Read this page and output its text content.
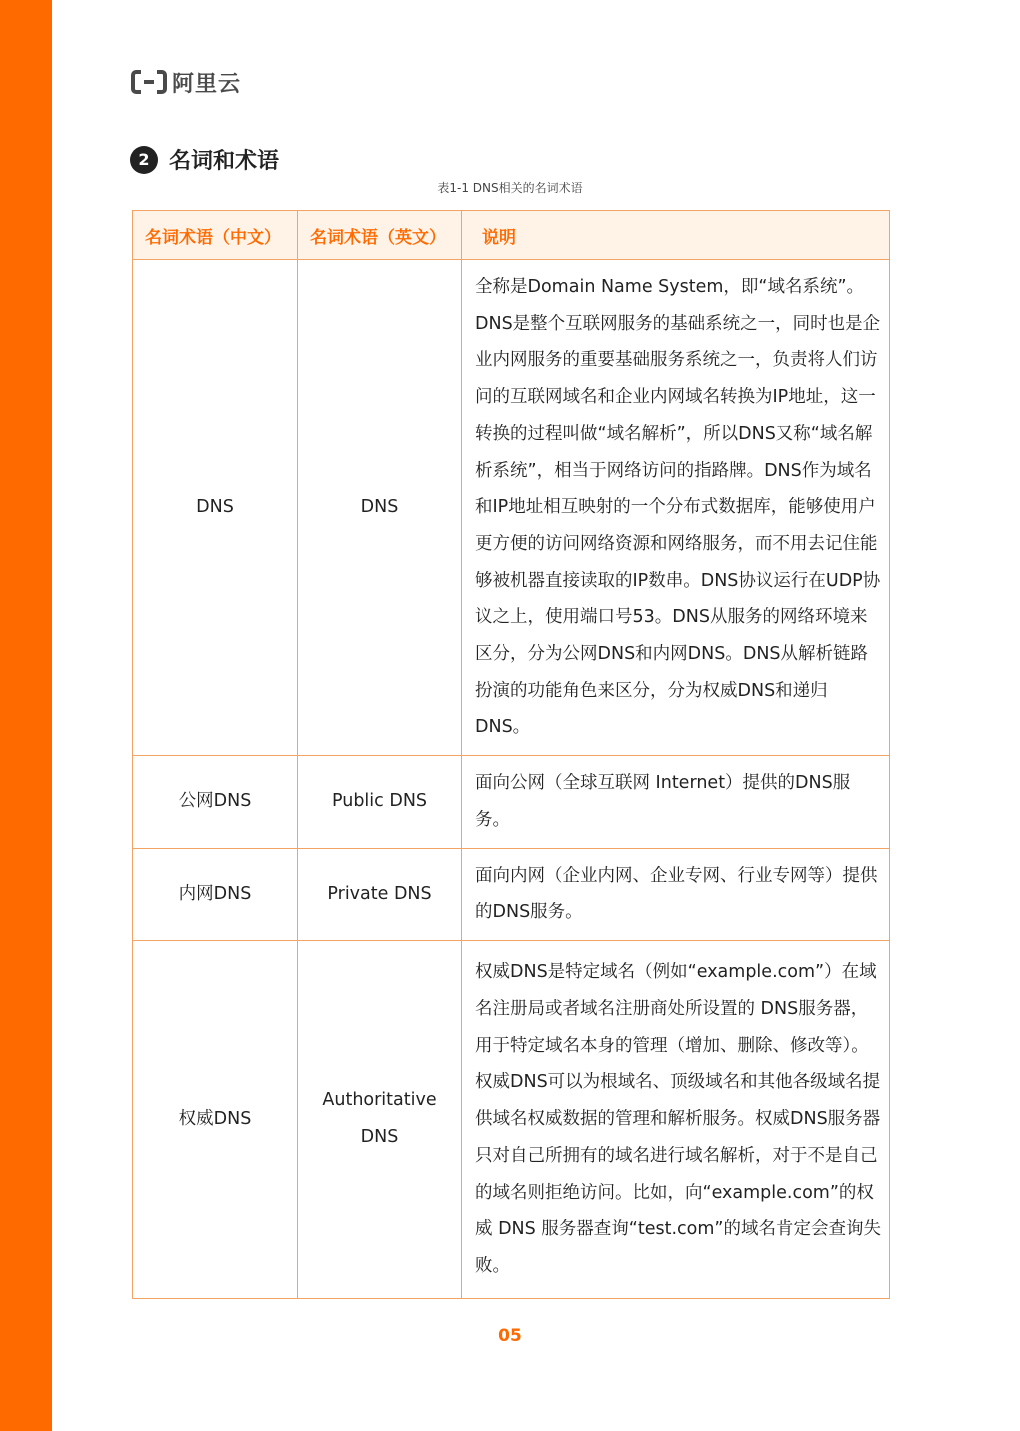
阿里云
2 名词和术语
表1-1 DNS相关的名词术语
名词术语（中文）	名词术语（英文）	说明
DNS	DNS	全称是Domain Name System，即“域名系统”。DNS是整个互联网服务的基础系统之一，同时也是企业内网服务的重要基础服务系统之一，负责将人们访问的互联网域名和企业内网域名转换为IP地址，这一转换的过程叫做“域名解析”，所以DNS又称“域名解析系统”，相当于网络访问的指路牌。DNS作为域名和IP地址相互映射的一个分布式数据库，能够使用户更方便的访问网络资源和网络服务，而不用去记住能够被机器直接读取的IP数串。DNS协议运行在UDP协议之上，使用端口号53。DNS从服务的网络环境来区分，分为公网DNS和内网DNS。DNS从解析链路扮演的功能角色来区分，分为权威DNS和递归 DNS。
公网DNS	Public DNS	面向公网（全球互联网 Internet）提供的DNS服务。
内网DNS	Private DNS	面向内网（企业内网、企业专网、行业专网等）提供的DNS服务。
权威DNS	Authoritative DNS	权威DNS是特定域名（例如“example.com”）在域名注册局或者域名注册商处所设置的 DNS服务器，用于特定域名本身的管理（增加、删除、修改等）。权威DNS可以为根域名、顶级域名和其他各级域名提供域名权威数据的管理和解析服务。权威DNS服务器只对自己所拥有的域名进行域名解析，对于不是自己的域名则拒绝访问。比如，向“example.com”的权威 DNS 服务器查询“test.com”的域名肯定会查询失败。
05
